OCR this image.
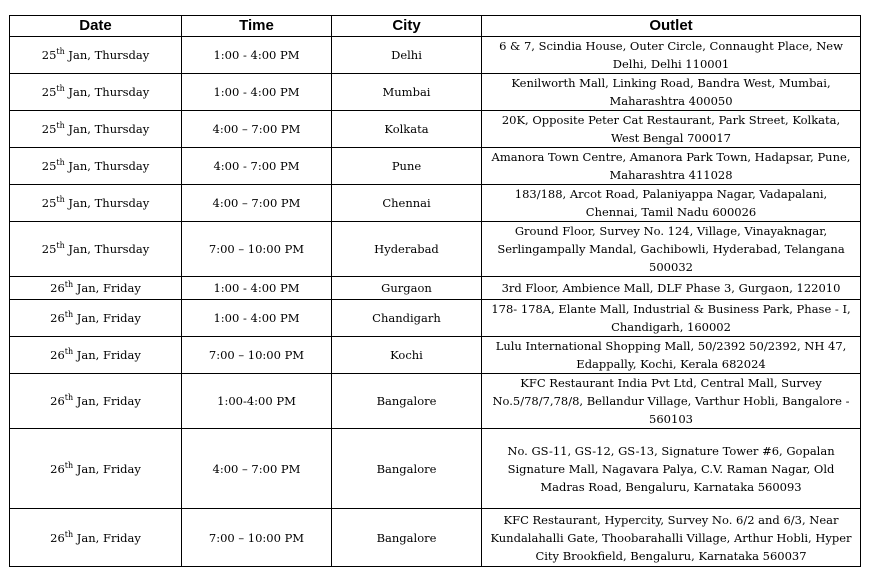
Date	Time	City	Outlet
25th Jan, Thursday	1:00 - 4:00 PM	Delhi	6 & 7, Scindia House, Outer Circle, Connaught Place, New Delhi, Delhi 110001
25th Jan, Thursday	1:00 - 4:00 PM	Mumbai	Kenilworth Mall, Linking Road, Bandra West, Mumbai, Maharashtra 400050
25th Jan, Thursday	4:00 – 7:00 PM	Kolkata	20K, Opposite Peter Cat Restaurant, Park Street, Kolkata, West Bengal 700017
25th Jan, Thursday	4:00 - 7:00 PM	Pune	Amanora Town Centre, Amanora Park Town, Hadapsar, Pune, Maharashtra 411028
25th Jan, Thursday	4:00 – 7:00 PM	Chennai	183/188, Arcot Road, Palaniyappa Nagar, Vadapalani, Chennai, Tamil Nadu 600026
25th Jan, Thursday	7:00 – 10:00 PM	Hyderabad	Ground Floor, Survey No. 124, Village, Vinayaknagar, Serlingampally Mandal, Gachibowli, Hyderabad, Telangana 500032
26th Jan, Friday	1:00 - 4:00 PM	Gurgaon	3rd Floor, Ambience Mall, DLF Phase 3, Gurgaon, 122010
26th Jan, Friday	1:00 - 4:00 PM	Chandigarh	178- 178A, Elante Mall, Industrial & Business Park, Phase - I, Chandigarh, 160002
26th Jan, Friday	7:00 – 10:00 PM	Kochi	Lulu International Shopping Mall, 50/2392 50/2392, NH 47, Edappally, Kochi, Kerala 682024
26th Jan, Friday	1:00-4:00 PM	Bangalore	KFC Restaurant India Pvt Ltd, Central Mall, Survey No.5/78/7,78/8, Bellandur Village, Varthur Hobli, Bangalore - 560103
26th Jan, Friday	4:00 – 7:00 PM	Bangalore	No. GS-11, GS-12, GS-13, Signature Tower #6, Gopalan Signature Mall, Nagavara Palya, C.V. Raman Nagar, Old Madras Road, Bengaluru, Karnataka 560093
26th Jan, Friday	7:00 – 10:00 PM	Bangalore	KFC Restaurant, Hypercity, Survey No. 6/2 and 6/3, Near Kundalahalli Gate, Thoobarahalli Village, Arthur Hobli, Hyper City Brookfield, Bengaluru, Karnataka 560037
